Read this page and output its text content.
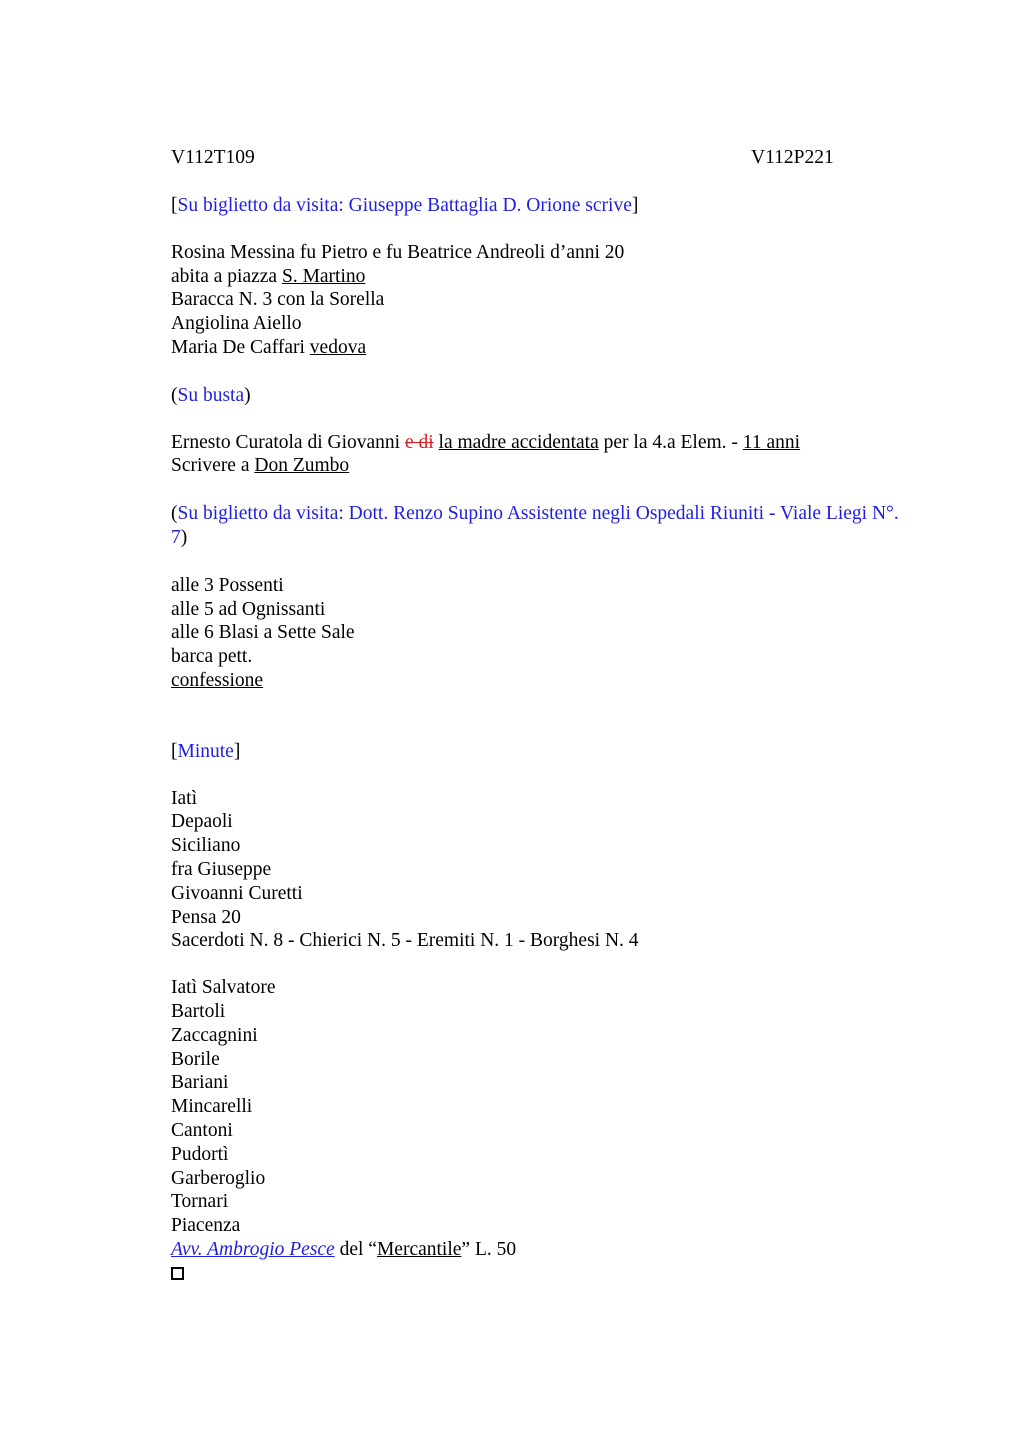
V112T109	V112P221
[Su biglietto da visita: Giuseppe Battaglia D. Orione scrive]
Rosina Messina fu Pietro e fu Beatrice Andreoli d’anni 20
abita a piazza S. Martino
Baracca N. 3 con la Sorella
Angiolina Aiello
Maria De Caffari vedova
(Su busta)
Ernesto Curatola di Giovanni e di la madre accidentata per la 4.a Elem. - 11 anni
Scrivere a Don Zumbo
(Su biglietto da visita: Dott. Renzo Supino Assistente negli Ospedali Riuniti - Viale Liegi N°. 7)
alle 3 Possenti
alle 5 ad Ognissanti
alle 6 Blasi a Sette Sale
barca pett.
confessione
[Minute]
Iatì
Depaoli
Siciliano
fra Giuseppe
Givoanni Curetti
Pensa 20
Sacerdoti N. 8 - Chierici N. 5 - Eremiti N. 1 - Borghesi N. 4
Iatì Salvatore
Bartoli
Zaccagnini
Borile
Bariani
Mincarelli
Cantoni
Pudortì
Garberoglio
Tornari
Piacenza
Avv. Ambrogio Pesce del “Mercantile” L. 50
